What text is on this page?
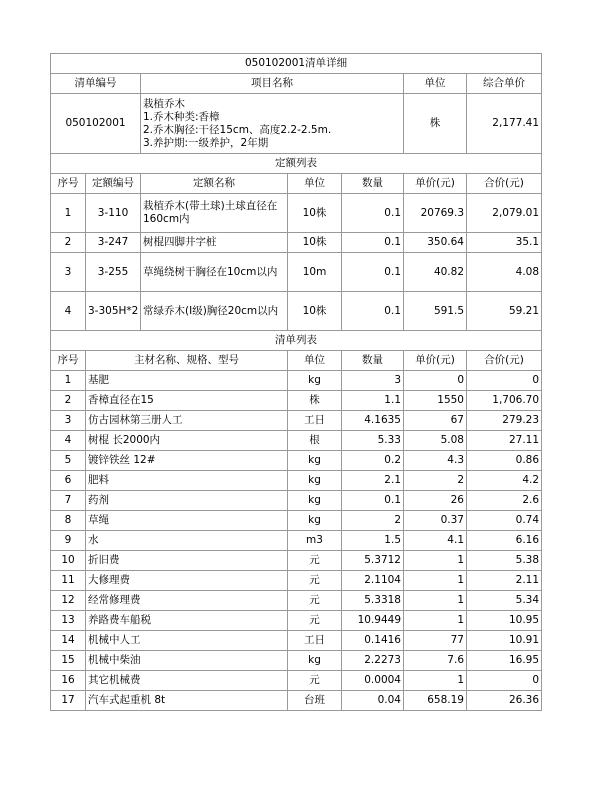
050102001清单详细						
清单编号		项目名称			单位	综合单价
050102001		栽植乔木
1.乔木种类:香樟
2.乔木胸径:干径15cm、高度2.2-2.5m.
3.养护期:一级养护，2年期			株	2,177.41
定额列表						
序号	定额编号	定额名称	单位	数量	单价(元)	合价(元)
1	3-110	栽植乔木(带土球)土球直径在160cm内	10株	0.1	20769.3	2,079.01
2	3-247	树棍四脚井字桩	10株	0.1	350.64	35.1
3	3-255	草绳绕树干胸径在10cm以内	10m	0.1	40.82	4.08
4	3-305H*2	常绿乔木(Ⅰ级)胸径20cm以内	10株	0.1	591.5	59.21
清单列表						
序号	主材名称、规格、型号		单位	数量	单价(元)	合价(元)
1	基肥		kg	3	0	0
2	香樟直径在15		株	1.1	1550	1,706.70
3	仿古园林第三册人工		工日	4.1635	67	279.23
4	树棍 长2000内		根	5.33	5.08	27.11
5	镀锌铁丝 12#		kg	0.2	4.3	0.86
6	肥料		kg	2.1	2	4.2
7	药剂		kg	0.1	26	2.6
8	草绳		kg	2	0.37	0.74
9	水		m3	1.5	4.1	6.16
10	折旧费		元	5.3712	1	5.38
11	大修理费		元	2.1104	1	2.11
12	经常修理费		元	5.3318	1	5.34
13	养路费车船税		元	10.9449	1	10.95
14	机械中人工		工日	0.1416	77	10.91
15	机械中柴油		kg	2.2273	7.6	16.95
16	其它机械费		元	0.0004	1	0
17	汽车式起重机 8t		台班	0.04	658.19	26.36
